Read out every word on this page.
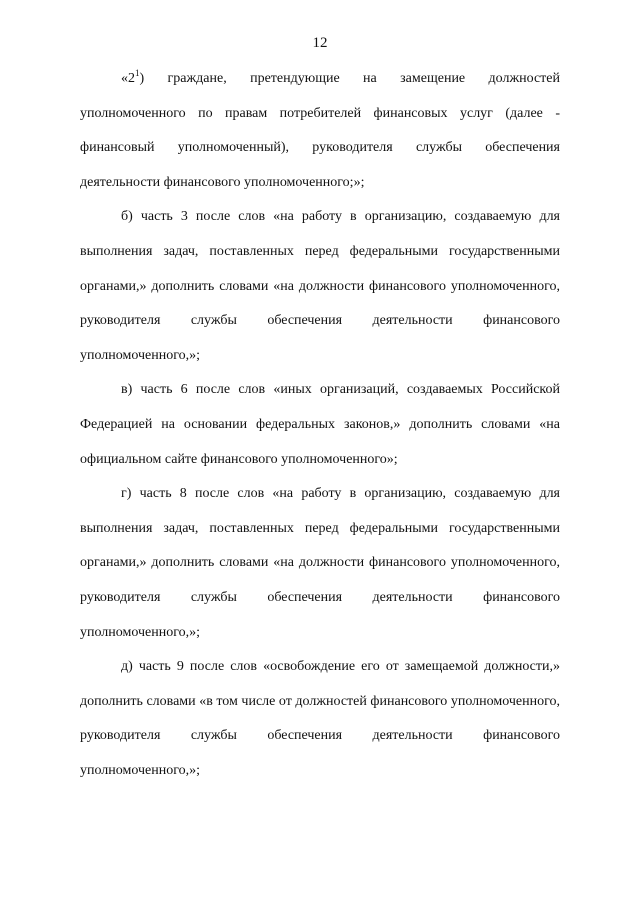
12

«$2^1$) граждане, претендующие на замещение должностей уполномоченного по правам потребителей финансовых услуг (далее - финансовый уполномоченный), руководителя службы обеспечения деятельности финансового уполномоченного;»;

б) часть 3 после слов «на работу в организацию, создаваемую для выполнения задач, поставленных перед федеральными государственными органами,» дополнить словами «на должности финансового уполномоченного, руководителя службы обеспечения деятельности финансового уполномоченного,»;

в) часть 6 после слов «иных организаций, создаваемых Российской Федерацией на основании федеральных законов,» дополнить словами «на официальном сайте финансового уполномоченного»;

г) часть 8 после слов «на работу в организацию, создаваемую для выполнения задач, поставленных перед федеральными государственными органами,» дополнить словами «на должности финансового уполномоченного, руководителя службы обеспечения деятельности финансового уполномоченного,»;

д) часть 9 после слов «освобождение его от замещаемой должности,» дополнить словами «в том числе от должностей финансового уполномоченного, руководителя службы обеспечения деятельности финансового уполномоченного,»;
